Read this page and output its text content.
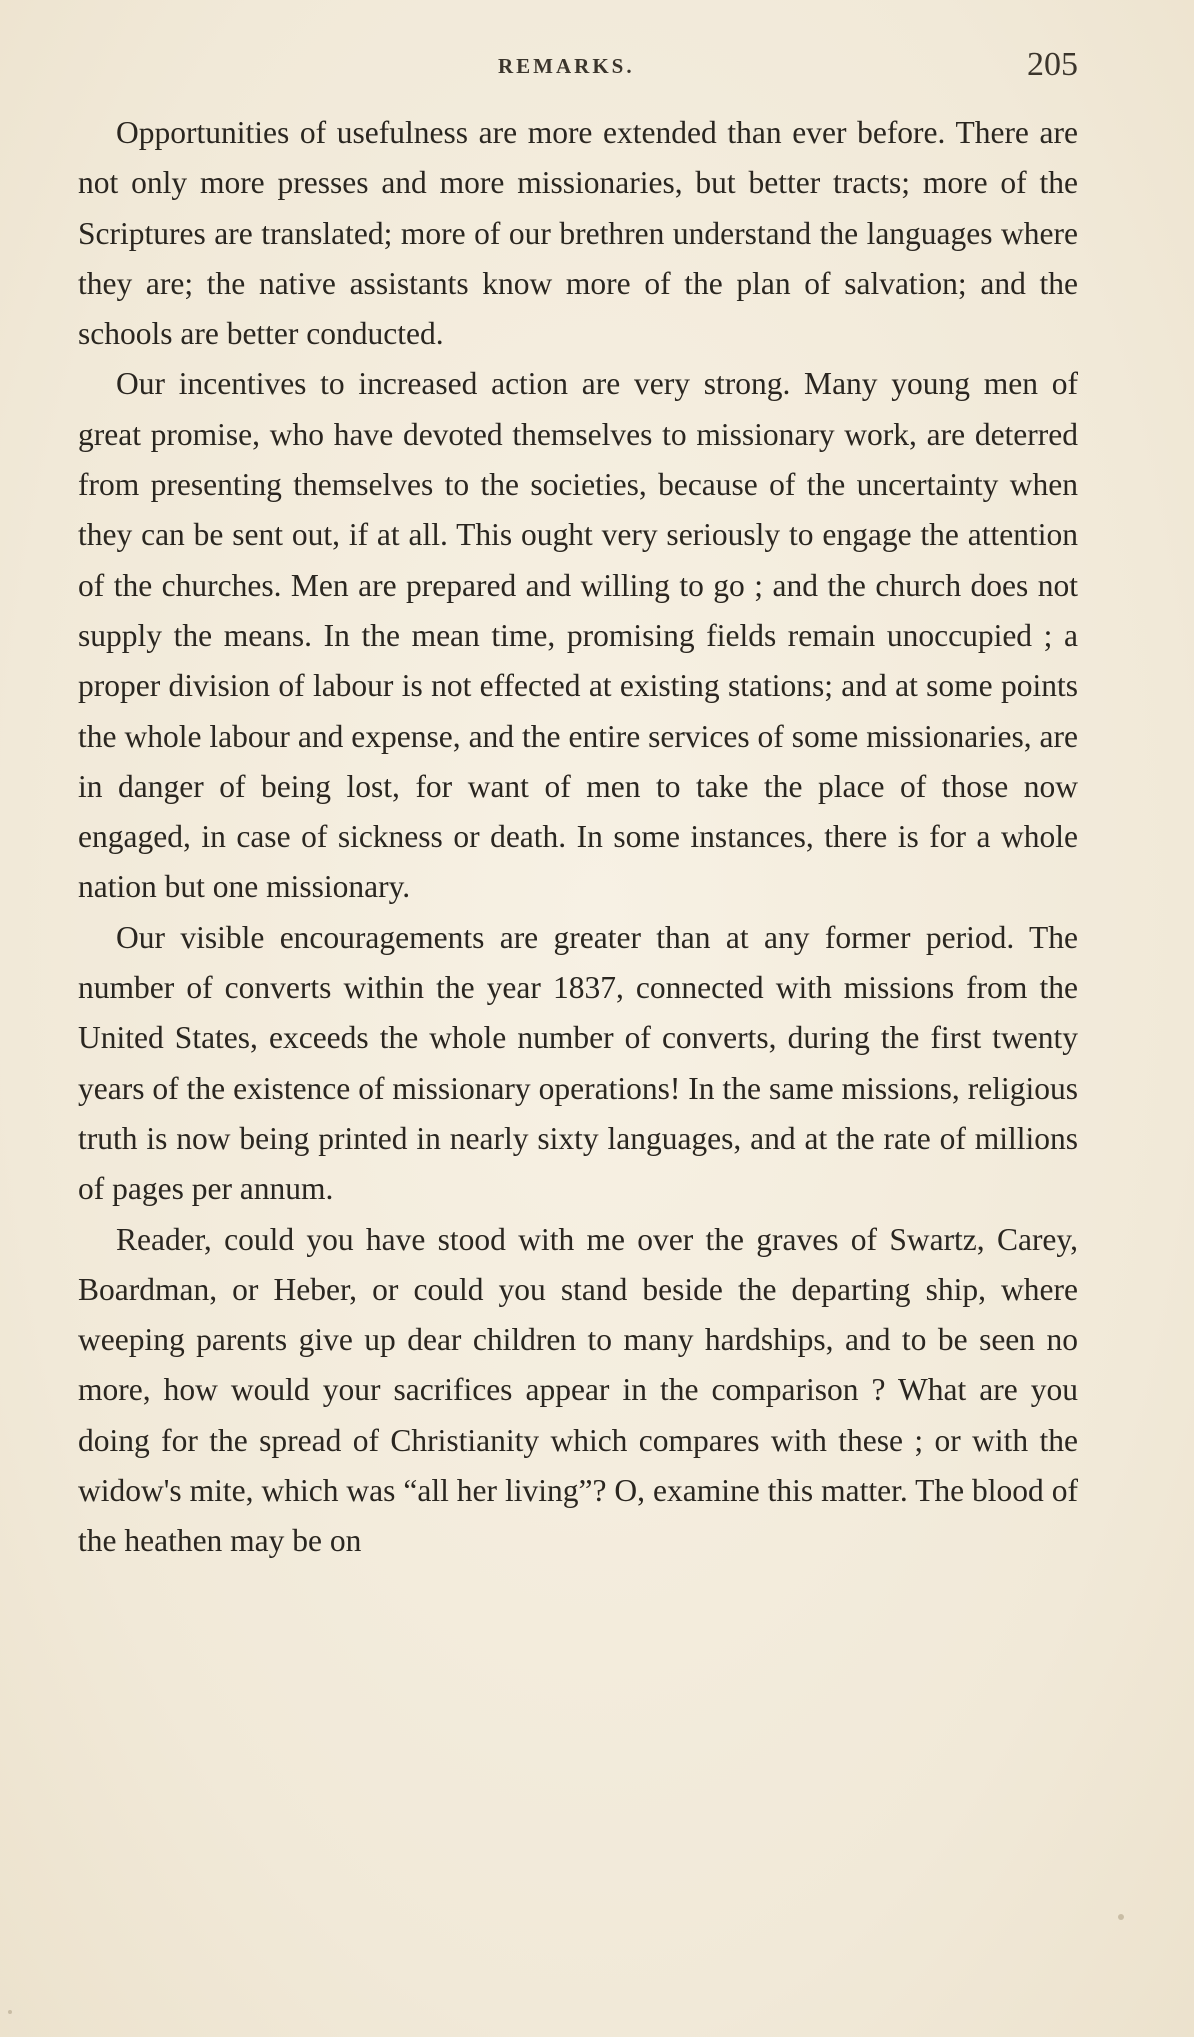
REMARKS.	205

Opportunities of usefulness are more extended than ever before. There are not only more presses and more missionaries, but better tracts; more of the Scriptures are translated; more of our brethren understand the languages where they are; the native assistants know more of the plan of salvation; and the schools are better conducted.

Our incentives to increased action are very strong. Many young men of great promise, who have devoted themselves to missionary work, are deterred from presenting themselves to the societies, because of the uncertainty when they can be sent out, if at all. This ought very seriously to engage the attention of the churches. Men are prepared and willing to go ; and the church does not supply the means. In the mean time, promising fields remain unoccupied ; a proper division of labour is not effected at existing stations; and at some points the whole labour and expense, and the entire services of some missionaries, are in danger of being lost, for want of men to take the place of those now engaged, in case of sickness or death. In some instances, there is for a whole nation but one missionary.

Our visible encouragements are greater than at any former period. The number of converts within the year 1837, connected with missions from the United States, exceeds the whole number of converts, during the first twenty years of the existence of missionary operations! In the same missions, religious truth is now being printed in nearly sixty languages, and at the rate of millions of pages per annum.

Reader, could you have stood with me over the graves of Swartz, Carey, Boardman, or Heber, or could you stand beside the departing ship, where weeping parents give up dear children to many hardships, and to be seen no more, how would your sacrifices appear in the comparison ? What are you doing for the spread of Christianity which compares with these ; or with the widow's mite, which was “all her living”? O, examine this matter. The blood of the heathen may be on
